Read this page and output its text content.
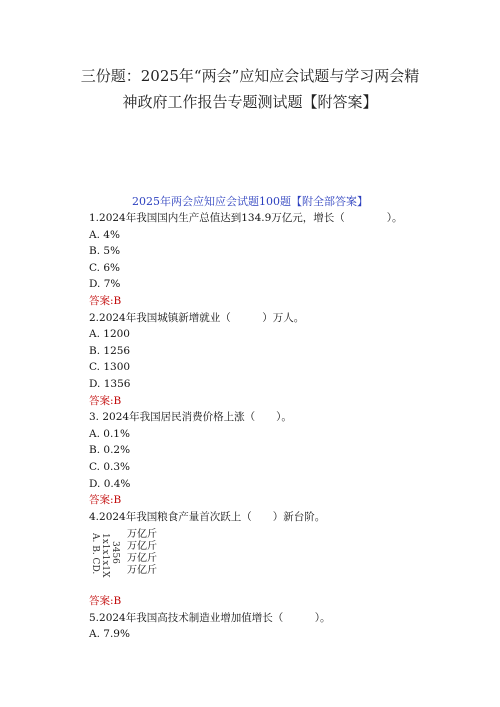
三份题：2025年“两会”应知应会试题与学习两会精
神政府工作报告专题测试题【附答案】
2025年两会应知应会试题100题【附全部答案】
1.2024年我国国内生产总值达到134.9万亿元，增长（　　　　）。
A. 4%
B. 5%
C. 6%
D. 7%
答案:B
2.2024年我国城镇新增就业（　　　）万人。
A. 1200
B. 1256
C. 1300
D. 1356
答案:B
3. 2024年我国居民消费价格上涨（　　）。
A. 0.1%
B. 0.2%
C. 0.3%
D. 0.4%
答案:B
4.2024年我国粮食产量首次跃上（　　）新台阶。
A. B. CD. 1x1x1x1X 3456
万亿斤
万亿斤
万亿斤
万亿斤
答案:B
5.2024年我国高技术制造业增加值增长（　　　）。
A. 7.9%
